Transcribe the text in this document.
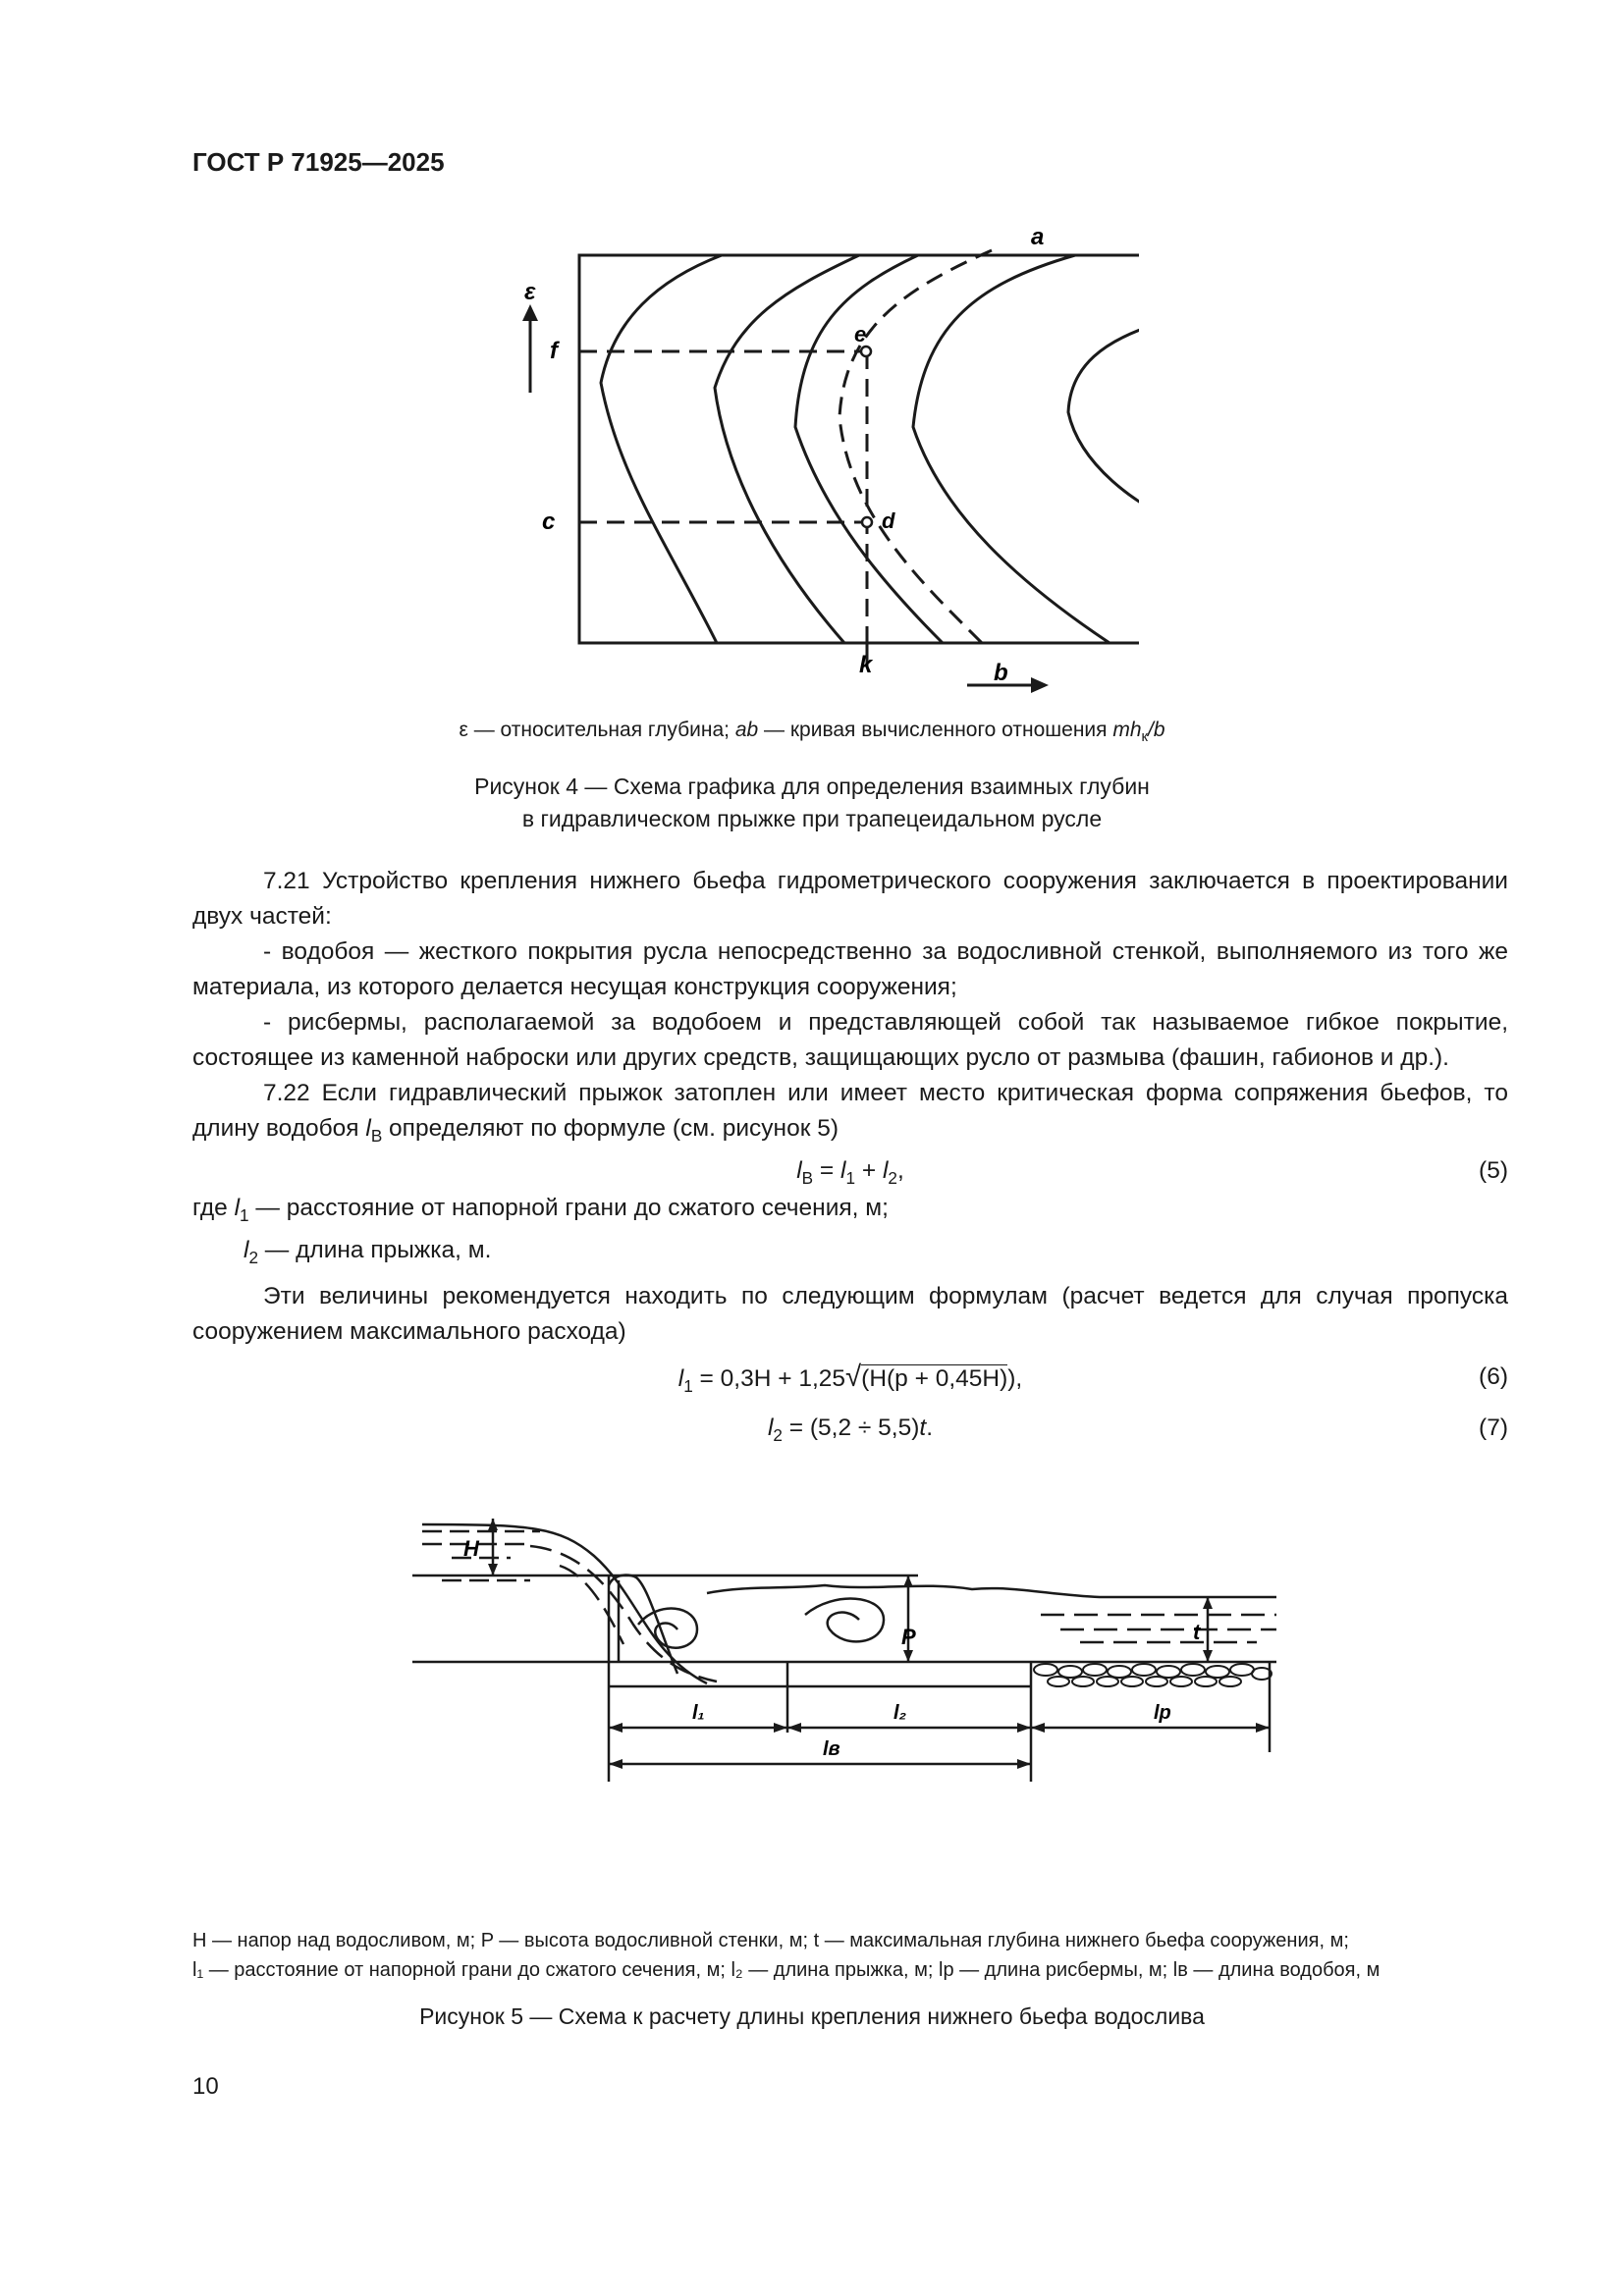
ГОСТ Р 71925—2025
ε
f
c
a
e
d
k	b
ε — относительная глубина; ab — кривая вычисленного отношения $mh_к/b$
Рисунок 4 — Схема графика для определения взаимных глубин
в гидравлическом прыжке при трапецеидальном русле

7.21 Устройство крепления нижнего бьефа гидрометрического сооружения заключается в проектировании двух частей:

- водобоя — жесткого покрытия русла непосредственно за водосливной стенкой, выполняемого из того же материала, из которого делается несущая конструкция сооружения;

- рисбермы, располагаемой за водобоем и представляющей собой так называемое гибкое покрытие, состоящее из каменной наброски или других средств, защищающих русло от размыва (фашин, габионов и др.).

7.22 Если гидравлический прыжок затоплен или имеет место критическая форма сопряжения бьефов, то длину водобоя $l_В$ определяют по формуле (см. рисунок 5)

$l_В = l_1 + l_2$,	(5)

где $l_1$ — расстояние от напорной грани до сжатого сечения, м;

$l_2$ — длина прыжка, м.

Эти величины рекомендуется находить по следующим формулам (расчет ведется для случая пропуска сооружением максимального расхода)

$l_1 = 0,3H + 1,25√(H(p + 0,45H))$,	(6)
$l_2 = (5,2 \div 5,5)t$.	(7)
H
P	t
l₁	l₂	lр
lв
H — напор над водосливом, м; P — высота водосливной стенки, м; t — максимальная глубина нижнего бьефа сооружения, м;
l₁ — расстояние от напорной грани до сжатого сечения, м; l₂ — длина прыжка, м; lр — длина рисбермы, м; lв — длина водобоя, м
Рисунок 5 — Схема к расчету длины крепления нижнего бьефа водослива
10
